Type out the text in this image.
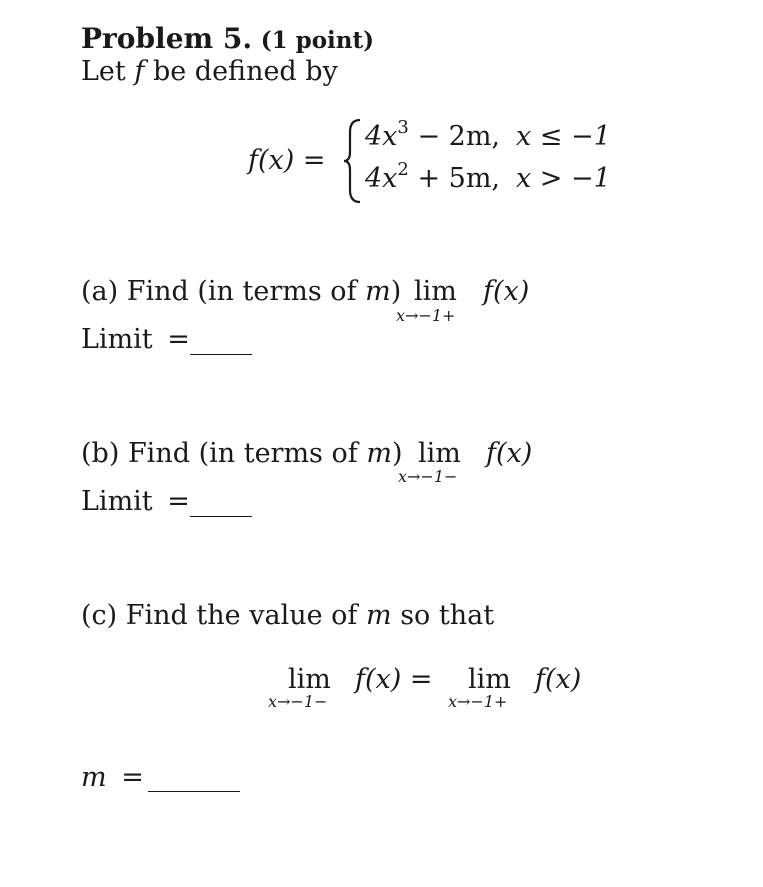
Problem 5. (1 point)
Let f be defined by
f(x) =
$4x^3 - 2m$, x ≤ −1
$4x^2 + 5m$, x > −1
(a) Find (in terms of m) lim
x→−1+
f(x)
Limit =
(b) Find (in terms of m) lim
x→−1−
f(x)
Limit =
(c) Find the value of m so that
lim
x→−1−
f(x) = lim
x→−1+
f(x)
m =
